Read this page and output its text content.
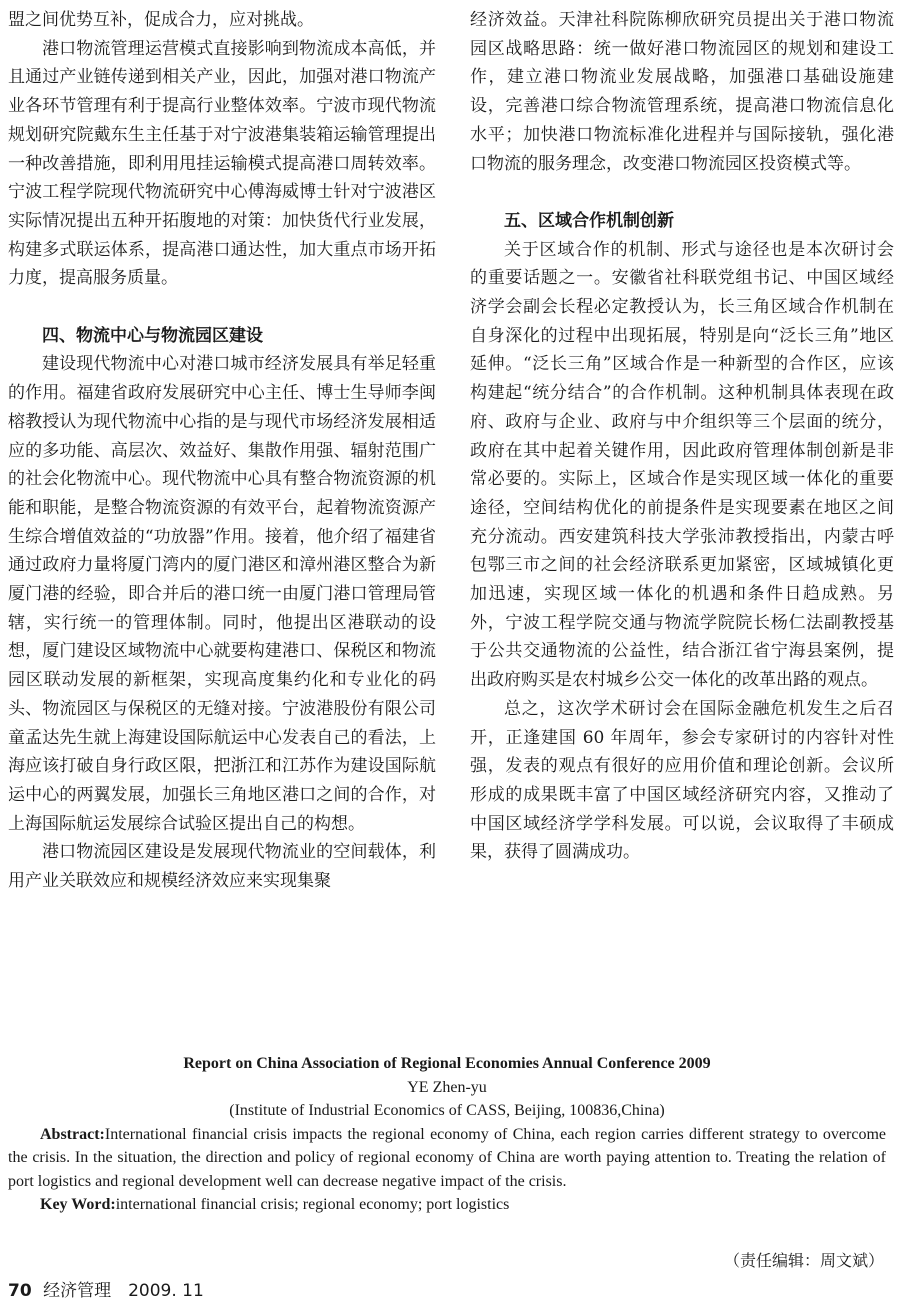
盟之间优势互补，促成合力，应对挑战。

港口物流管理运营模式直接影响到物流成本高低，并且通过产业链传递到相关产业，因此，加强对港口物流产业各环节管理有利于提高行业整体效率。宁波市现代物流规划研究院戴东生主任基于对宁波港集装箱运输管理提出一种改善措施，即利用甩挂运输模式提高港口周转效率。宁波工程学院现代物流研究中心傅海威博士针对宁波港区实际情况提出五种开拓腹地的对策：加快货代行业发展，构建多式联运体系，提高港口通达性，加大重点市场开拓力度，提高服务质量。

四、物流中心与物流园区建设

建设现代物流中心对港口城市经济发展具有举足轻重的作用。福建省政府发展研究中心主任、博士生导师李闽榕教授认为现代物流中心指的是与现代市场经济发展相适应的多功能、高层次、效益好、集散作用强、辐射范围广的社会化物流中心。现代物流中心具有整合物流资源的机能和职能，是整合物流资源的有效平台，起着物流资源产生综合增值效益的“功放器”作用。接着，他介绍了福建省通过政府力量将厦门湾内的厦门港区和漳州港区整合为新厦门港的经验，即合并后的港口统一由厦门港口管理局管辖，实行统一的管理体制。同时，他提出区港联动的设想，厦门建设区域物流中心就要构建港口、保税区和物流园区联动发展的新框架，实现高度集约化和专业化的码头、物流园区与保税区的无缝对接。宁波港股份有限公司童孟达先生就上海建设国际航运中心发表自己的看法，上海应该打破自身行政区限，把浙江和江苏作为建设国际航运中心的两翼发展，加强长三角地区港口之间的合作，对上海国际航运发展综合试验区提出自己的构想。

港口物流园区建设是发展现代物流业的空间载体，利用产业关联效应和规模经济效应来实现集聚

经济效益。天津社科院陈柳欣研究员提出关于港口物流园区战略思路：统一做好港口物流园区的规划和建设工作，建立港口物流业发展战略，加强港口基础设施建设，完善港口综合物流管理系统，提高港口物流信息化水平；加快港口物流标准化进程并与国际接轨，强化港口物流的服务理念，改变港口物流园区投资模式等。

五、区域合作机制创新

关于区域合作的机制、形式与途径也是本次研讨会的重要话题之一。安徽省社科联党组书记、中国区域经济学会副会长程必定教授认为，长三角区域合作机制在自身深化的过程中出现拓展，特别是向“泛长三角”地区延伸。“泛长三角”区域合作是一种新型的合作区，应该构建起“统分结合”的合作机制。这种机制具体表现在政府、政府与企业、政府与中介组织等三个层面的统分，政府在其中起着关键作用，因此政府管理体制创新是非常必要的。实际上，区域合作是实现区域一体化的重要途径，空间结构优化的前提条件是实现要素在地区之间充分流动。西安建筑科技大学张沛教授指出，内蒙古呼包鄂三市之间的社会经济联系更加紧密，区域城镇化更加迅速，实现区域一体化的机遇和条件日趋成熟。另外，宁波工程学院交通与物流学院院长杨仁法副教授基于公共交通物流的公益性，结合浙江省宁海县案例，提出政府购买是农村城乡公交一体化的改革出路的观点。

总之，这次学术研讨会在国际金融危机发生之后召开，正逢建国 60 年周年，参会专家研讨的内容针对性强，发表的观点有很好的应用价值和理论创新。会议所形成的成果既丰富了中国区域经济研究内容，又推动了中国区域经济学学科发展。可以说，会议取得了丰硕成果，获得了圆满成功。

Report on China Association of Regional Economies Annual Conference 2009
YE Zhen-yu
(Institute of Industrial Economics of CASS, Beijing, 100836,China)
Abstract:International financial crisis impacts the regional economy of China, each region carries different strategy to overcome the crisis. In the situation, the direction and policy of regional economy of China are worth paying attention to. Treating the relation of port logistics and regional development well can decrease negative impact of the crisis.
Key Word:international financial crisis; regional economy; port logistics
（责任编辑：周文斌）
70 经济管理　2009. 11
